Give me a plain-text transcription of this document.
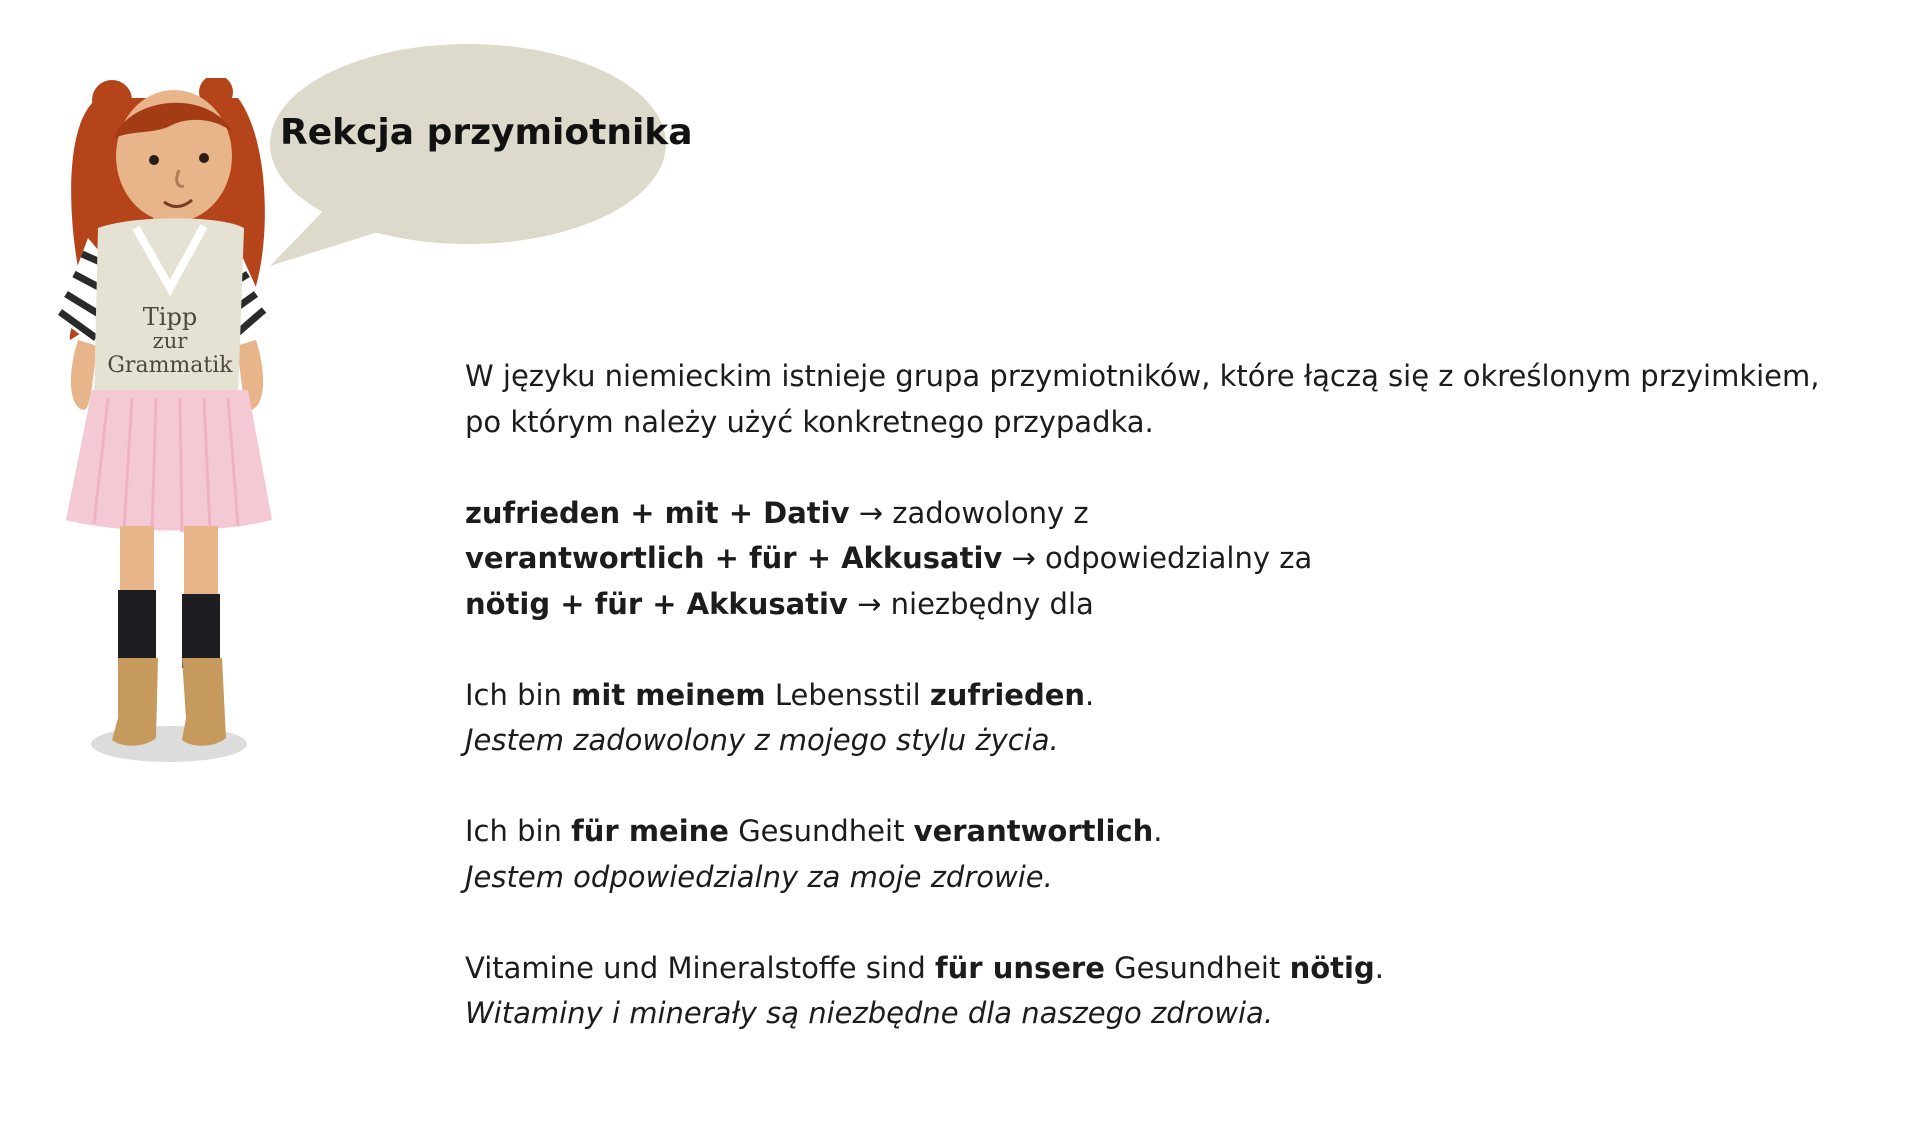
Tipp
zur
Grammatik
Rekcja przymiotnika

W języku niemieckim istnieje grupa przymiotników, które łączą się z określonym przyimkiem,

po którym należy użyć konkretnego przypadka.

zufrieden + mit + Dativ → zadowolony z

verantwortlich + für + Akkusativ → odpowiedzialny za

nötig + für + Akkusativ → niezbędny dla

Ich bin mit meinem Lebensstil zufrieden.

Jestem zadowolony z mojego stylu życia.

Ich bin für meine Gesundheit verantwortlich.

Jestem odpowiedzialny za moje zdrowie.

Vitamine und Mineralstoffe sind für unsere Gesundheit nötig.

Witaminy i minerały są niezbędne dla naszego zdrowia.
